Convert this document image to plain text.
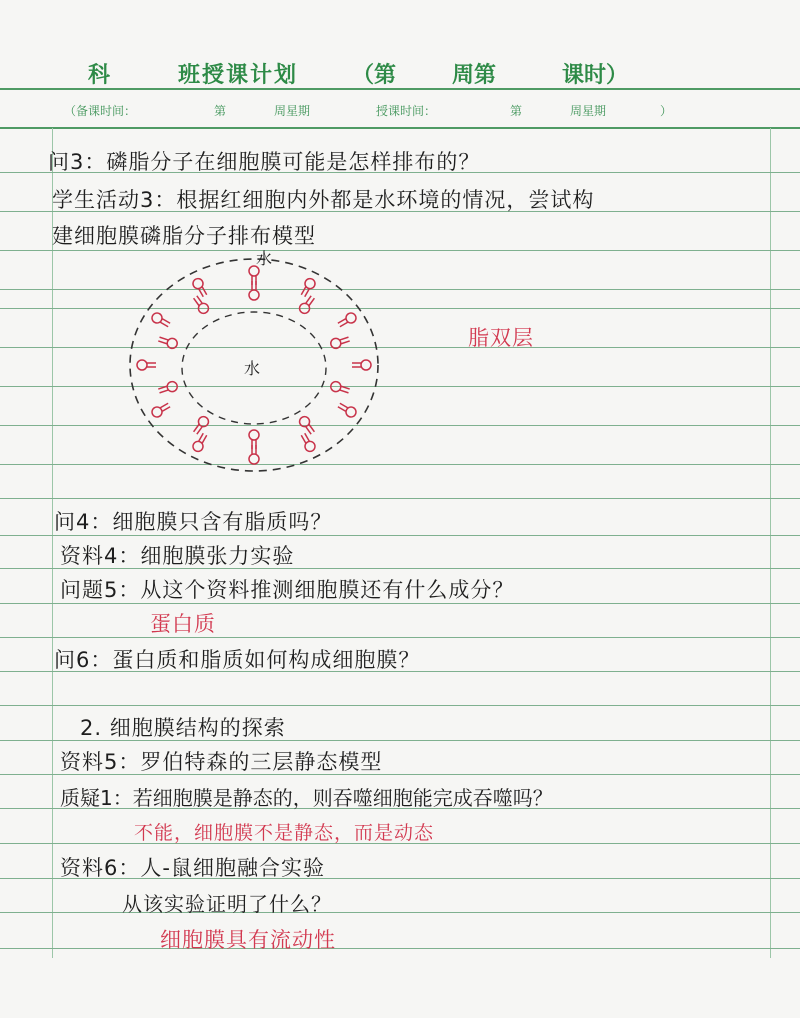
科	班授课计划 （第	周第	课时）
（备课时间：	第	周星期	授课时间：	第	周星期	）
问3：磷脂分子在细胞膜可能是怎样排布的？
学生活动3：根据红细胞内外都是水环境的情况，尝试构
建细胞膜磷脂分子排布模型
水
水
脂双层
问4：细胞膜只含有脂质吗？
资料4：细胞膜张力实验
问题5：从这个资料推测细胞膜还有什么成分？
蛋白质
问6：蛋白质和脂质如何构成细胞膜？
2. 细胞膜结构的探索
资料5：罗伯特森的三层静态模型
质疑1：若细胞膜是静态的，则吞噬细胞能完成吞噬吗？
不能，细胞膜不是静态，而是动态
资料6：人-鼠细胞融合实验
从该实验证明了什么？
细胞膜具有流动性
